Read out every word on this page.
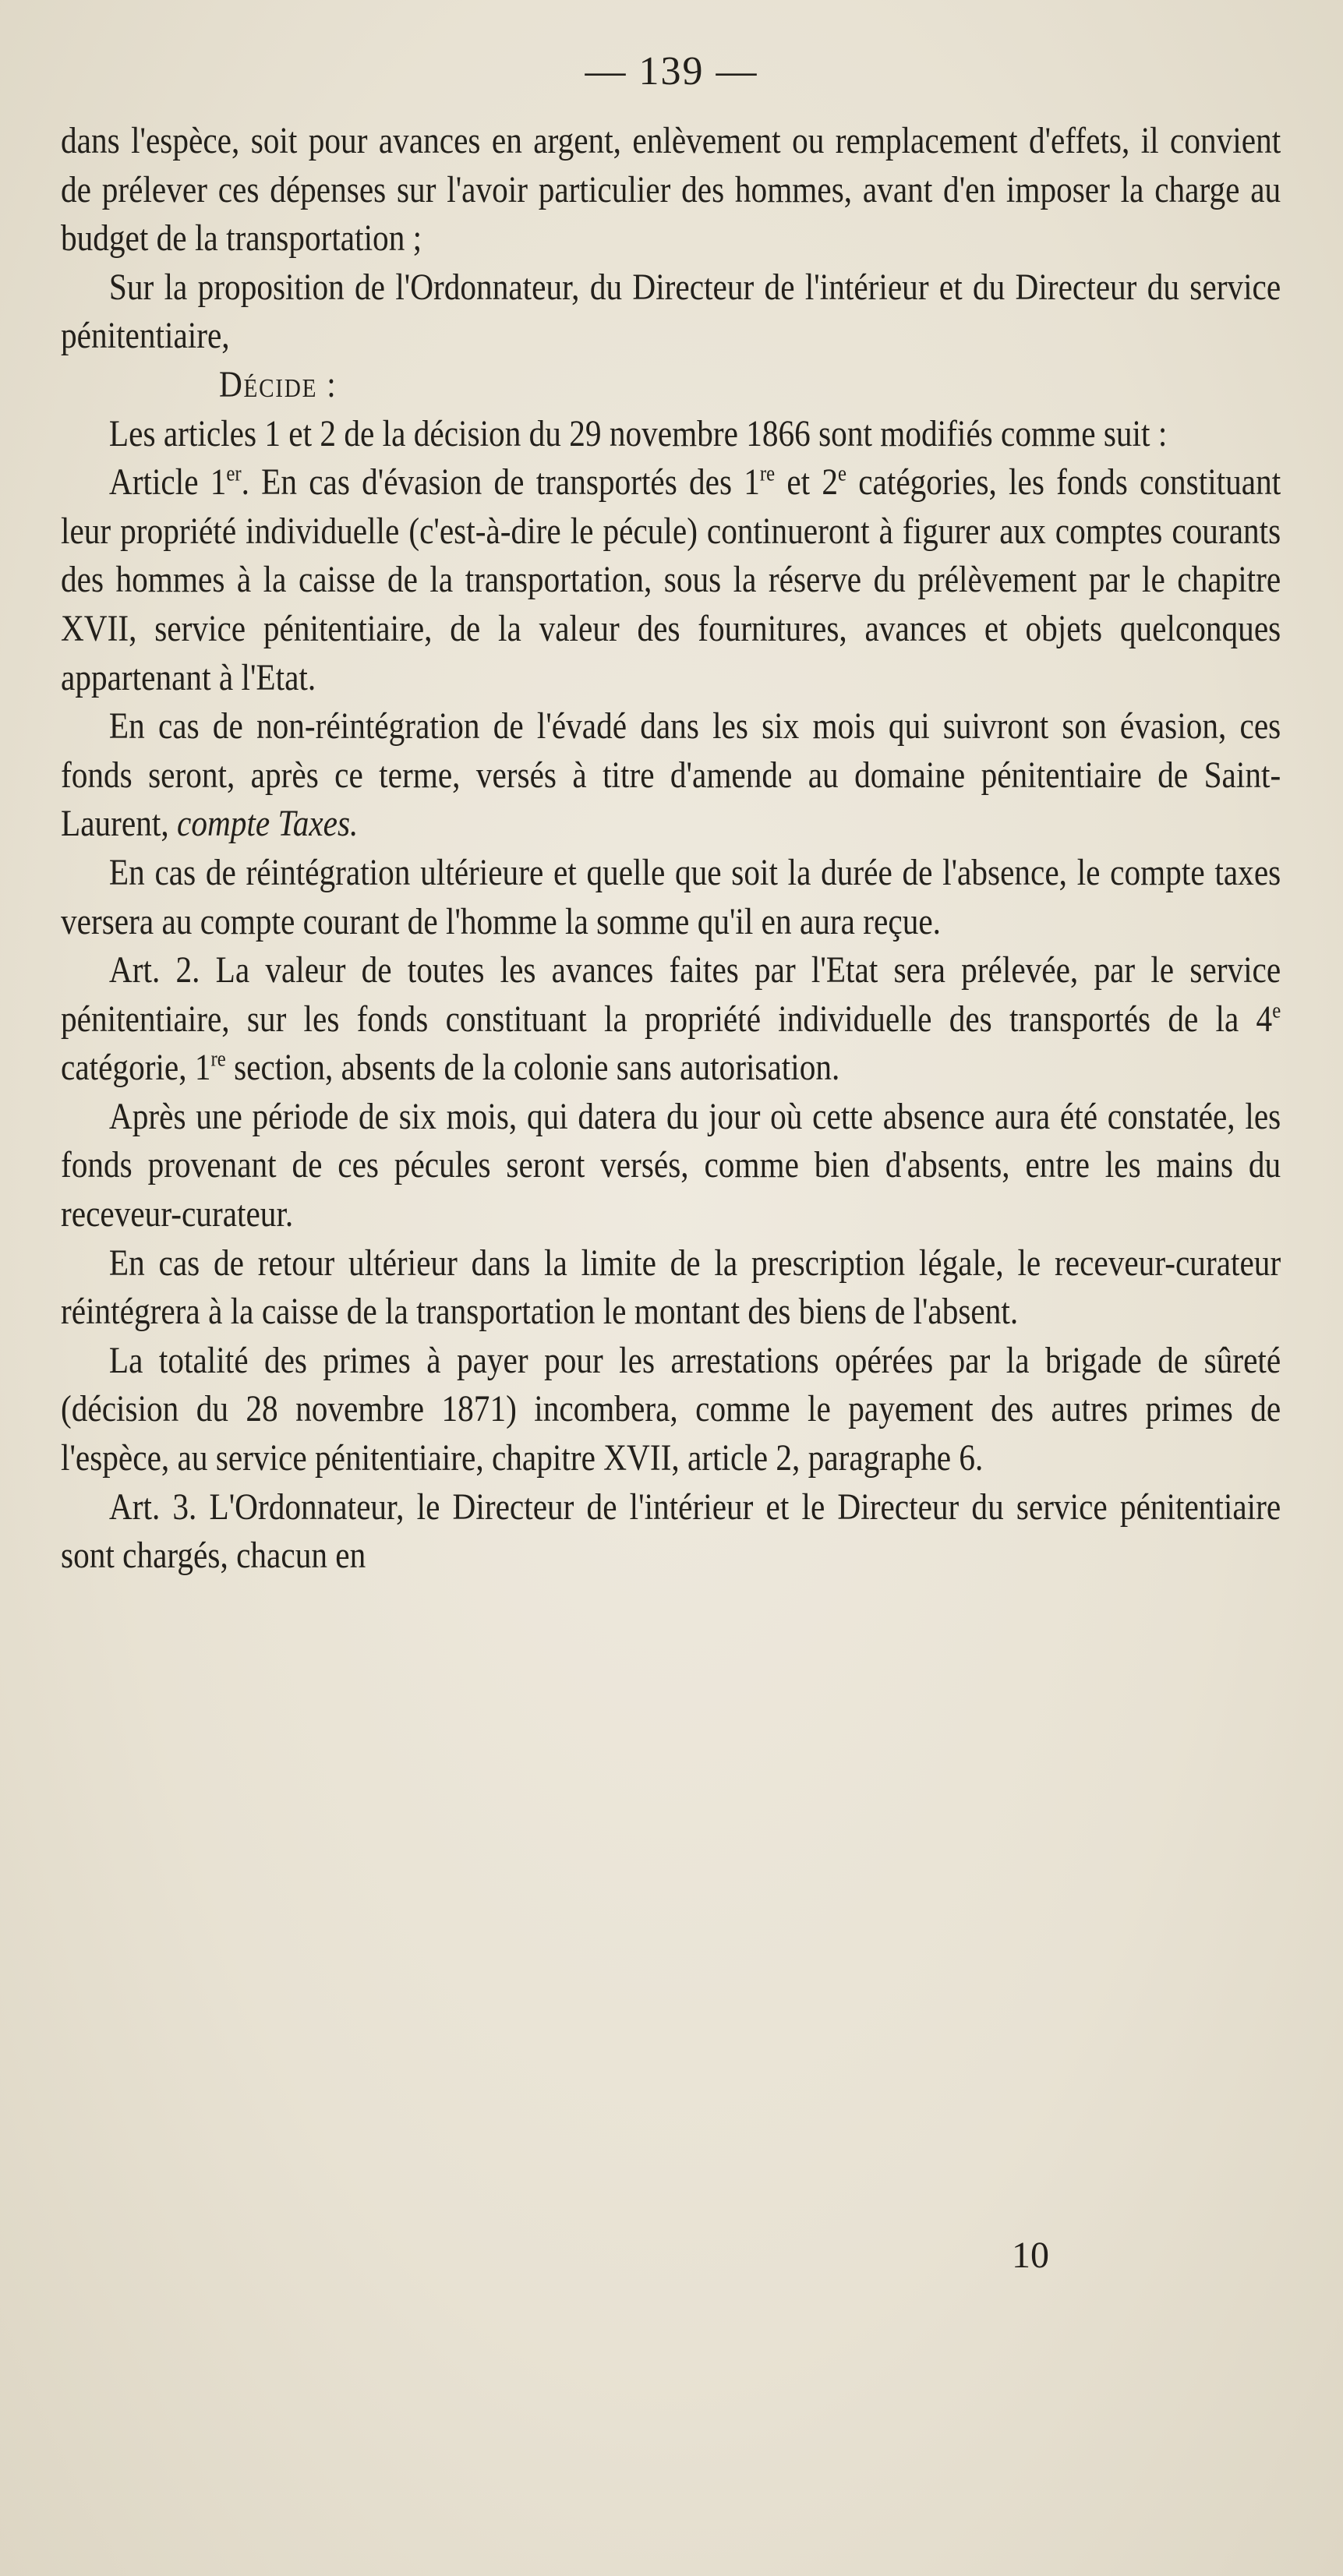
— 139 —

dans l'espèce, soit pour avances en argent, enlèvement ou remplacement d'effets, il convient de prélever ces dépenses sur l'avoir particulier des hommes, avant d'en imposer la charge au budget de la transportation ;

Sur la proposition de l'Ordonnateur, du Directeur de l'intérieur et du Directeur du service pénitentiaire,

Décide :

Les articles 1 et 2 de la décision du 29 novembre 1866 sont modifiés comme suit :

Article 1er. En cas d'évasion de transportés des 1re et 2e catégories, les fonds constituant leur propriété individuelle (c'est-à-dire le pécule) continueront à figurer aux comptes courants des hommes à la caisse de la transportation, sous la réserve du prélèvement par le chapitre XVII, service pénitentiaire, de la valeur des fournitures, avances et objets quelconques appartenant à l'Etat.

En cas de non-réintégration de l'évadé dans les six mois qui suivront son évasion, ces fonds seront, après ce terme, versés à titre d'amende au domaine pénitentiaire de Saint-Laurent, compte Taxes.

En cas de réintégration ultérieure et quelle que soit la durée de l'absence, le compte taxes versera au compte courant de l'homme la somme qu'il en aura reçue.

Art. 2. La valeur de toutes les avances faites par l'Etat sera prélevée, par le service pénitentiaire, sur les fonds constituant la propriété individuelle des transportés de la 4e catégorie, 1re section, absents de la colonie sans autorisation.

Après une période de six mois, qui datera du jour où cette absence aura été constatée, les fonds provenant de ces pécules seront versés, comme bien d'absents, entre les mains du receveur-curateur.

En cas de retour ultérieur dans la limite de la prescription légale, le receveur-curateur réintégrera à la caisse de la transportation le montant des biens de l'absent.

La totalité des primes à payer pour les arrestations opérées par la brigade de sûreté (décision du 28 novembre 1871) incombera, comme le payement des autres primes de l'espèce, au service pénitentiaire, chapitre XVII, article 2, paragraphe 6.

Art. 3. L'Ordonnateur, le Directeur de l'intérieur et le Directeur du service pénitentiaire sont chargés, chacun en

10
